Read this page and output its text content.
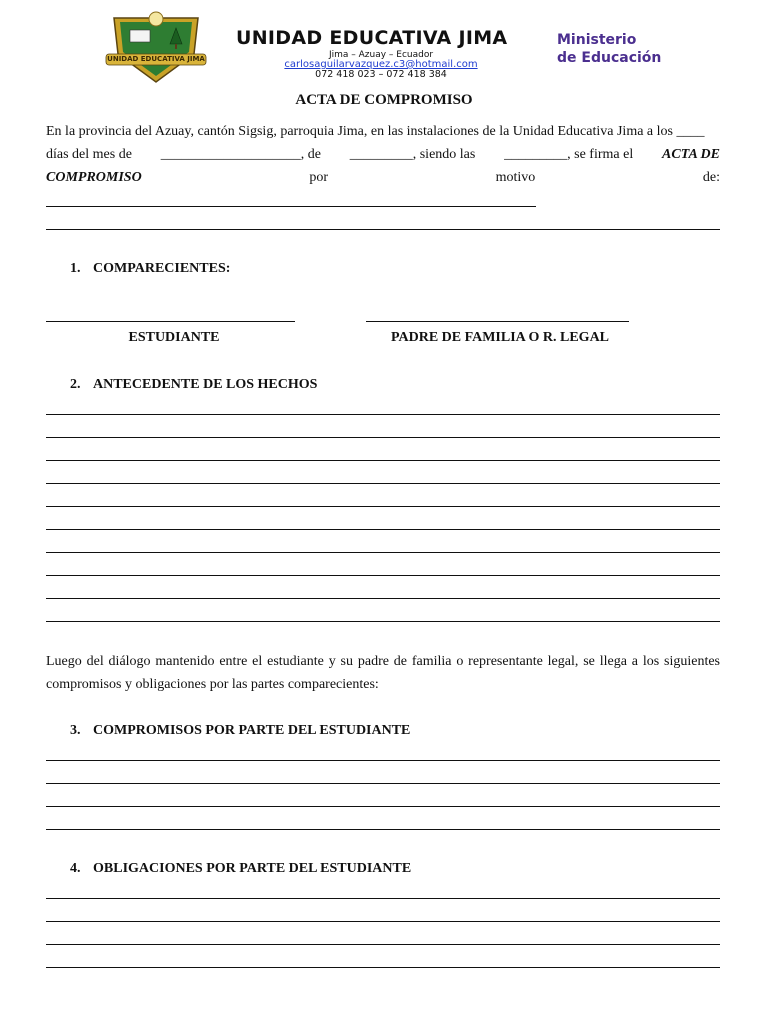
UNIDAD EDUCATIVA JIMA
UNIDAD EDUCATIVA JIMA
Jima – Azuay – Ecuador
carlosaguilarvazquez.c3@hotmail.com
072 418 023 – 072 418 384
Ministerio
de Educación
ACTA DE COMPROMISO
En la provincia del Azuay, cantón Sigsig, parroquia Jima, en las instalaciones de la Unidad Educativa Jima a los ____
días del mes de ____________________, de _________, siendo las _________, se firma el ACTA DE
COMPROMISO	por	motivo	de:
1. COMPARECIENTES:
ESTUDIANTE	PADRE DE FAMILIA O R. LEGAL
2. ANTECEDENTE DE LOS HECHOS
Luego del diálogo mantenido entre el estudiante y su padre de familia o representante legal, se llega a los siguientes compromisos y obligaciones por las partes comparecientes:
3. COMPROMISOS POR PARTE DEL ESTUDIANTE
4. OBLIGACIONES POR PARTE DEL ESTUDIANTE
